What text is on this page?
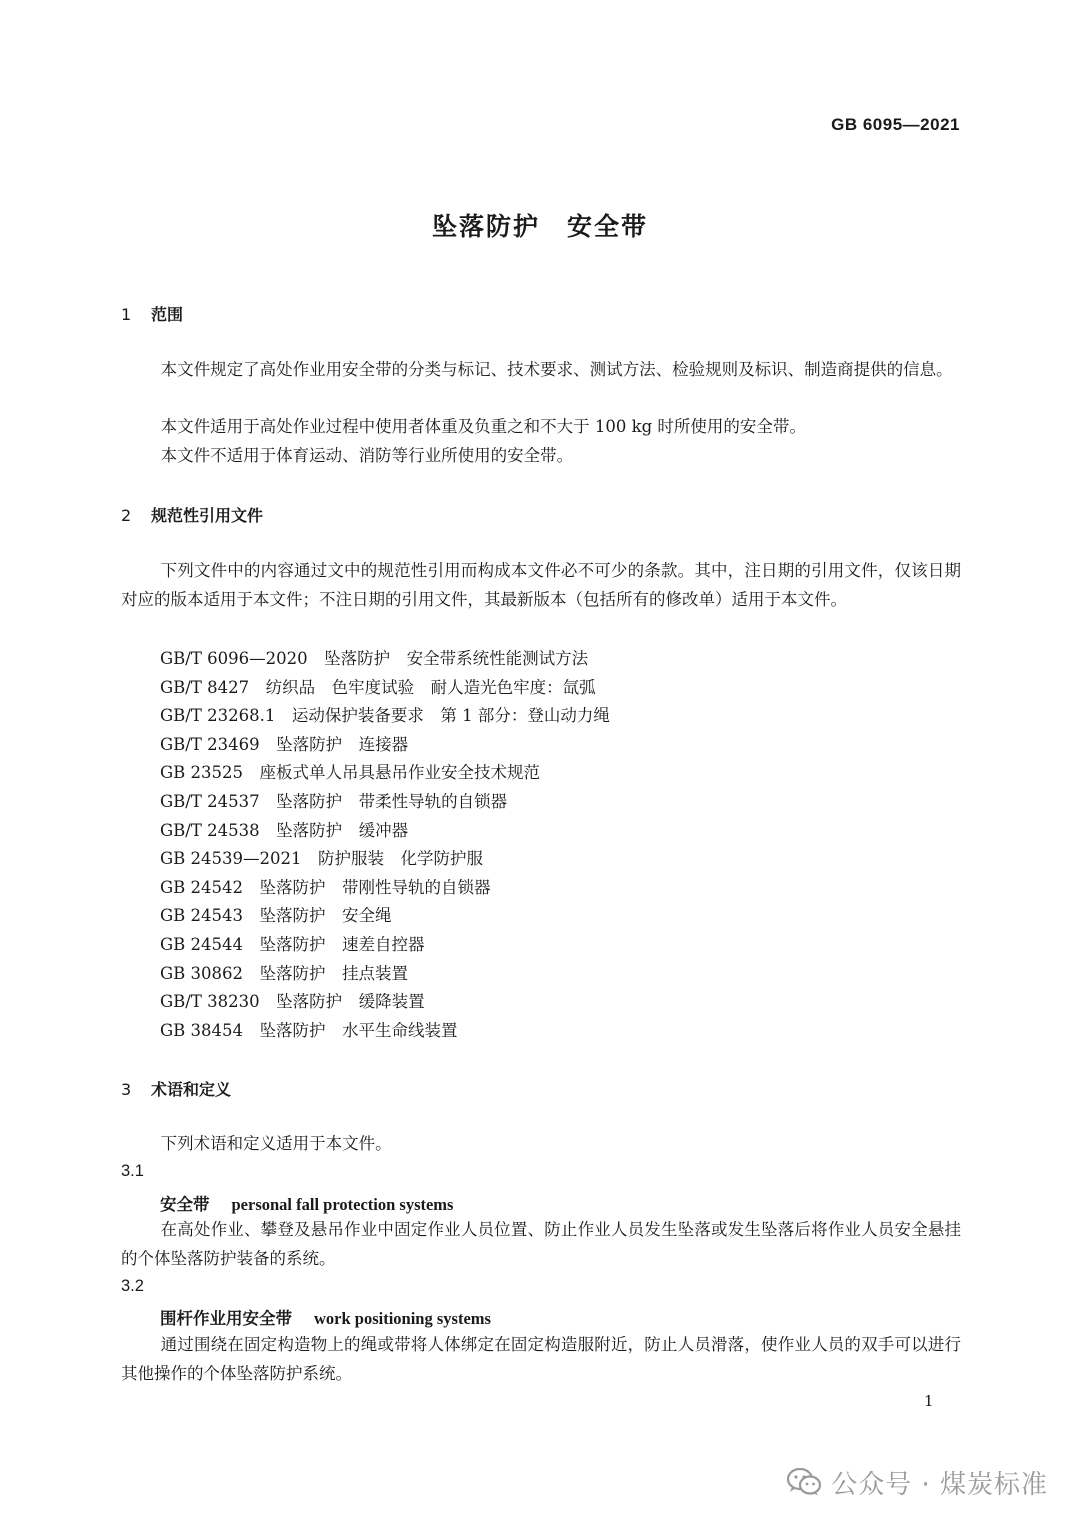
GB 6095—2021
坠落防护　安全带
1 范围
本文件规定了高处作业用安全带的分类与标记、技术要求、测试方法、检验规则及标识、制造商提供的信息。
本文件适用于高处作业过程中使用者体重及负重之和不大于 100 kg 时所使用的安全带。
本文件不适用于体育运动、消防等行业所使用的安全带。
2 规范性引用文件
下列文件中的内容通过文中的规范性引用而构成本文件必不可少的条款。其中，注日期的引用文件，仅该日期对应的版本适用于本文件；不注日期的引用文件，其最新版本（包括所有的修改单）适用于本文件。
GB/T 6096—2020　坠落防护　安全带系统性能测试方法
GB/T 8427　纺织品　色牢度试验　耐人造光色牢度：氙弧
GB/T 23268.1　运动保护装备要求　第 1 部分：登山动力绳
GB/T 23469　坠落防护　连接器
GB 23525　座板式单人吊具悬吊作业安全技术规范
GB/T 24537　坠落防护　带柔性导轨的自锁器
GB/T 24538　坠落防护　缓冲器
GB 24539—2021　防护服装　化学防护服
GB 24542　坠落防护　带刚性导轨的自锁器
GB 24543　坠落防护　安全绳
GB 24544　坠落防护　速差自控器
GB 30862　坠落防护　挂点装置
GB/T 38230　坠落防护　缓降装置
GB 38454　坠落防护　水平生命线装置
3 术语和定义
下列术语和定义适用于本文件。
3.1
安全带 personal fall protection systems
在高处作业、攀登及悬吊作业中固定作业人员位置、防止作业人员发生坠落或发生坠落后将作业人员安全悬挂的个体坠落防护装备的系统。
3.2
围杆作业用安全带 work positioning systems
通过围绕在固定构造物上的绳或带将人体绑定在固定构造服附近，防止人员滑落，使作业人员的双手可以进行其他操作的个体坠落防护系统。
1
公众号 · 煤炭标准
